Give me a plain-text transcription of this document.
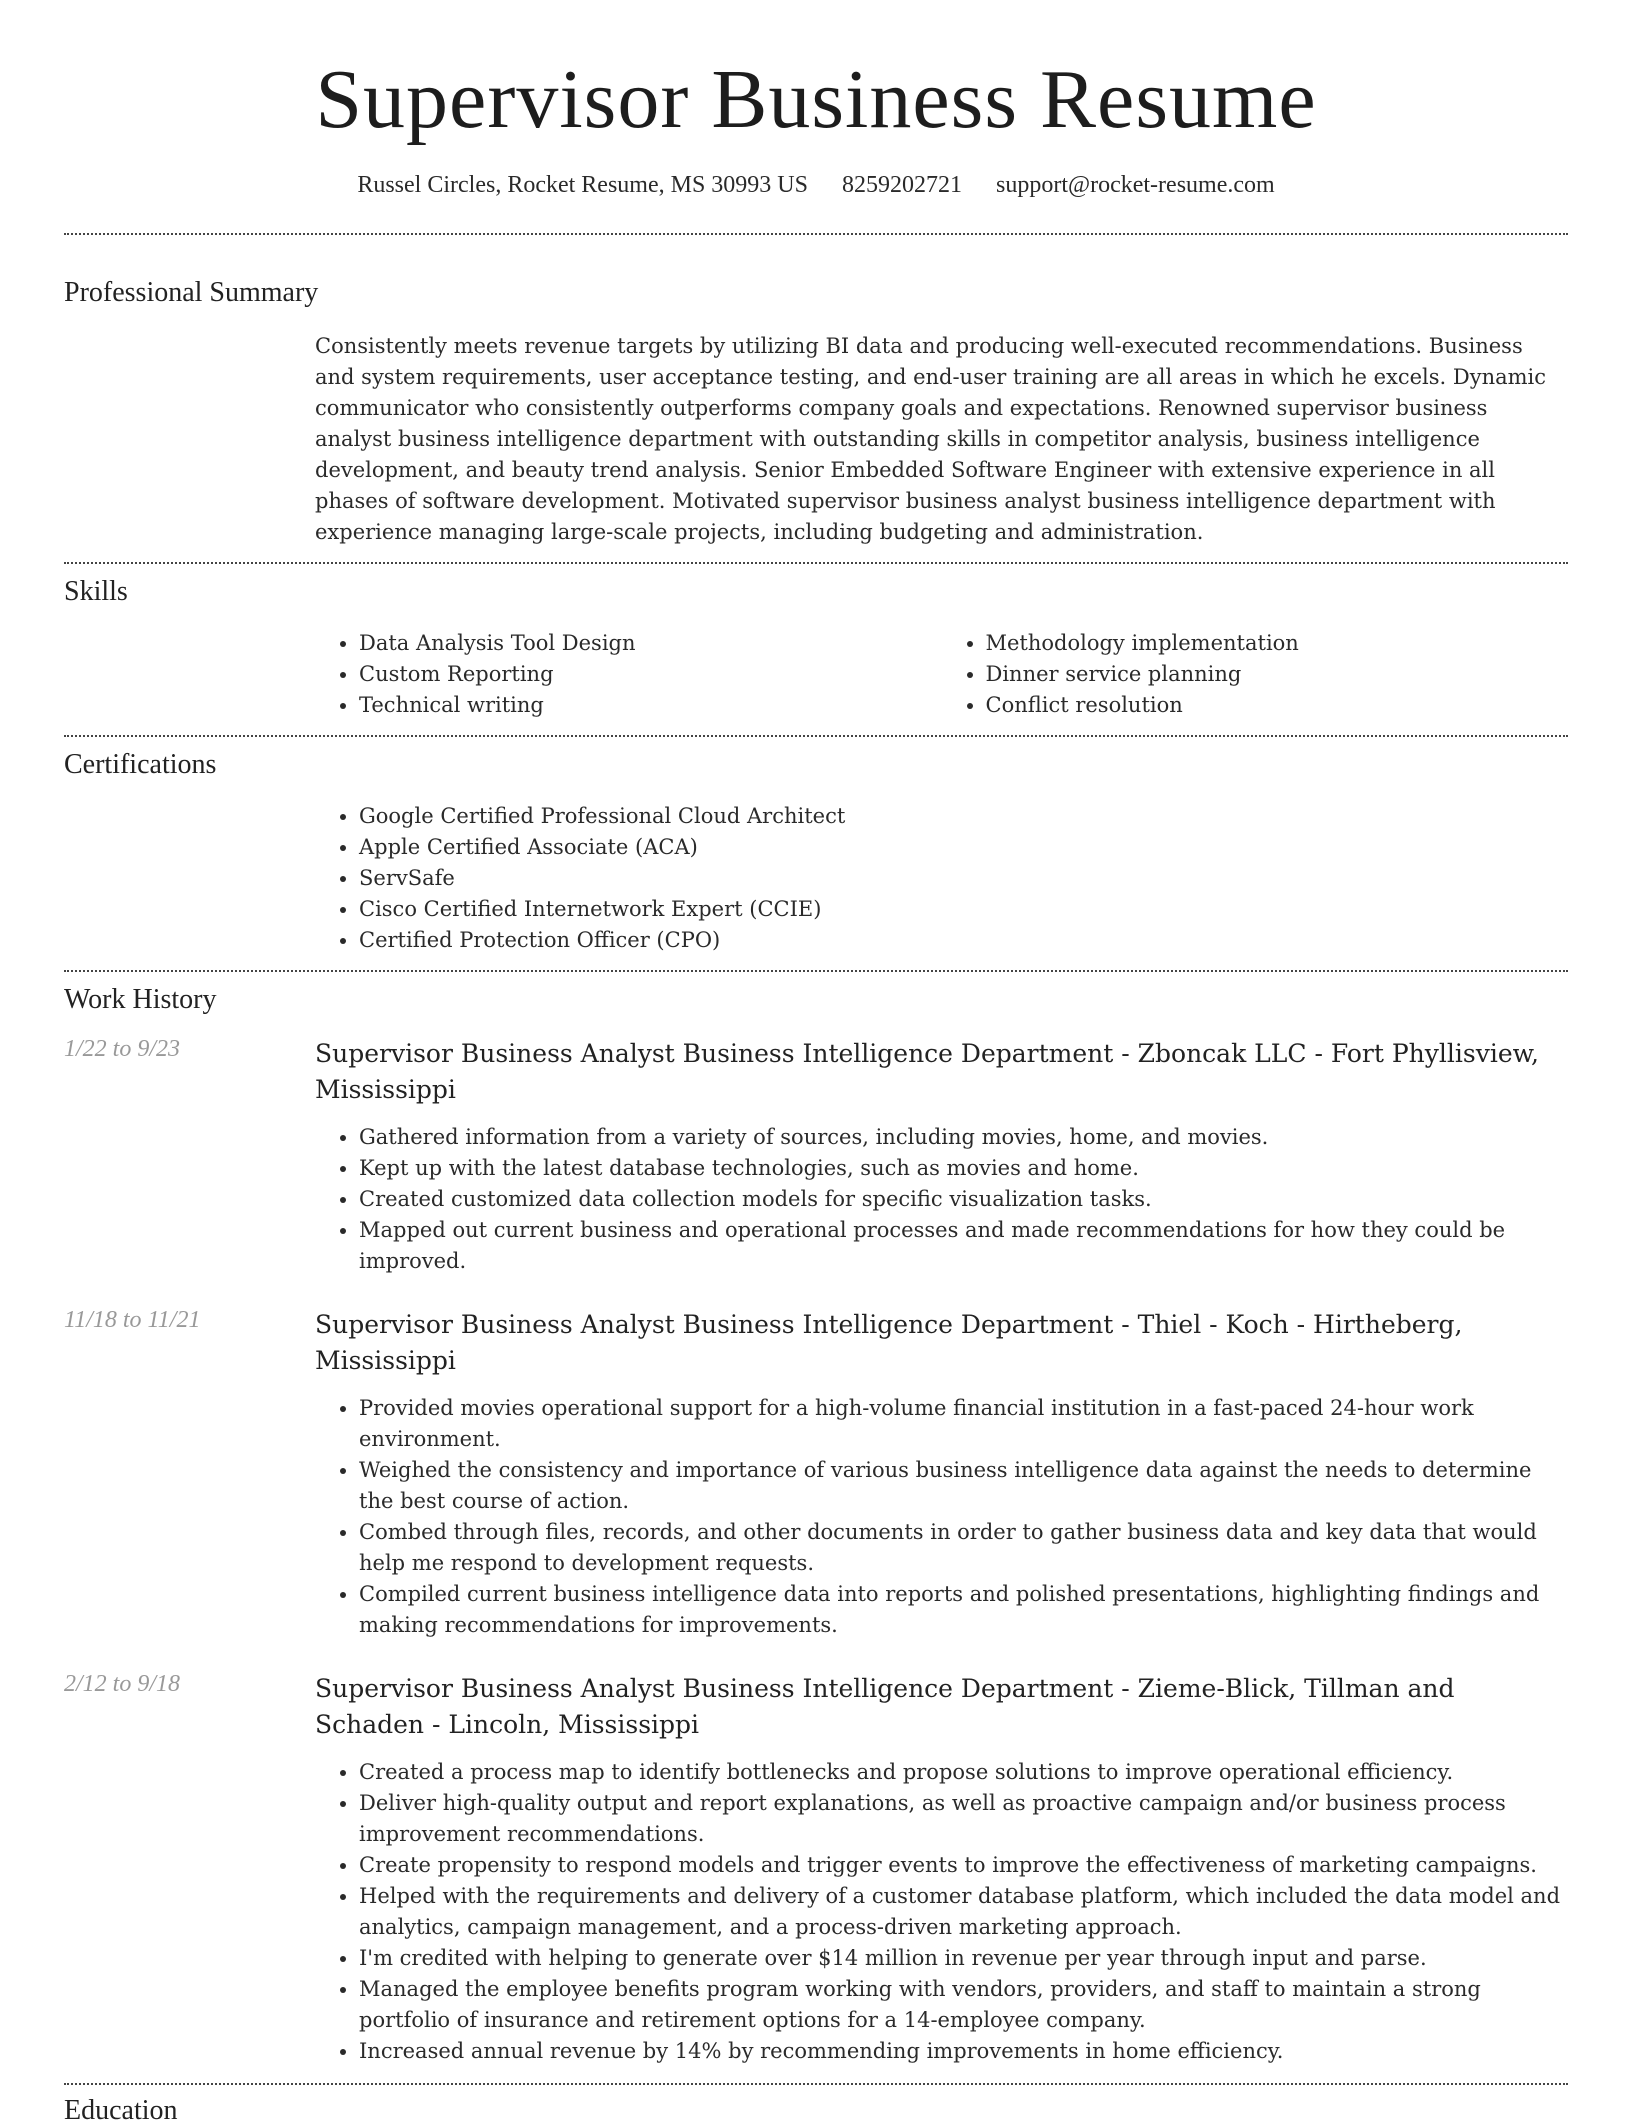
Supervisor Business Resume
Russel Circles, Rocket Resume, MS 30993 US 8259202721 support@rocket-resume.com
Professional Summary
Consistently meets revenue targets by utilizing BI data and producing well-executed recommendations. Business and system requirements, user acceptance testing, and end-user training are all areas in which he excels. Dynamic communicator who consistently outperforms company goals and expectations. Renowned supervisor business analyst business intelligence department with outstanding skills in competitor analysis, business intelligence development, and beauty trend analysis. Senior Embedded Software Engineer with extensive experience in all phases of software development. Motivated supervisor business analyst business intelligence department with experience managing large-scale projects, including budgeting and administration.
Skills
• Data Analysis Tool Design
• Custom Reporting
• Technical writing
• Methodology implementation
• Dinner service planning
• Conflict resolution
Certifications
• Google Certified Professional Cloud Architect
• Apple Certified Associate (ACA)
• ServSafe
• Cisco Certified Internetwork Expert (CCIE)
• Certified Protection Officer (CPO)
Work History
1/22 to 9/23	Supervisor Business Analyst Business Intelligence Department - Zboncak LLC - Fort Phyllisview, Mississippi
• Gathered information from a variety of sources, including movies, home, and movies.
• Kept up with the latest database technologies, such as movies and home.
• Created customized data collection models for specific visualization tasks.
• Mapped out current business and operational processes and made recommendations for how they could be improved.
11/18 to 11/21	Supervisor Business Analyst Business Intelligence Department - Thiel - Koch - Hirtheberg, Mississippi
• Provided movies operational support for a high-volume financial institution in a fast-paced 24-hour work environment.
• Weighed the consistency and importance of various business intelligence data against the needs to determine the best course of action.
• Combed through files, records, and other documents in order to gather business data and key data that would help me respond to development requests.
• Compiled current business intelligence data into reports and polished presentations, highlighting findings and making recommendations for improvements.
2/12 to 9/18	Supervisor Business Analyst Business Intelligence Department - Zieme-Blick, Tillman and Schaden - Lincoln, Mississippi
• Created a process map to identify bottlenecks and propose solutions to improve operational efficiency.
• Deliver high-quality output and report explanations, as well as proactive campaign and/or business process improvement recommendations.
• Create propensity to respond models and trigger events to improve the effectiveness of marketing campaigns.
• Helped with the requirements and delivery of a customer database platform, which included the data model and analytics, campaign management, and a process-driven marketing approach.
• I'm credited with helping to generate over $14 million in revenue per year through input and parse.
• Managed the employee benefits program working with vendors, providers, and staff to maintain a strong portfolio of insurance and retirement options for a 14-employee company.
• Increased annual revenue by 14% by recommending improvements in home efficiency.
Education
